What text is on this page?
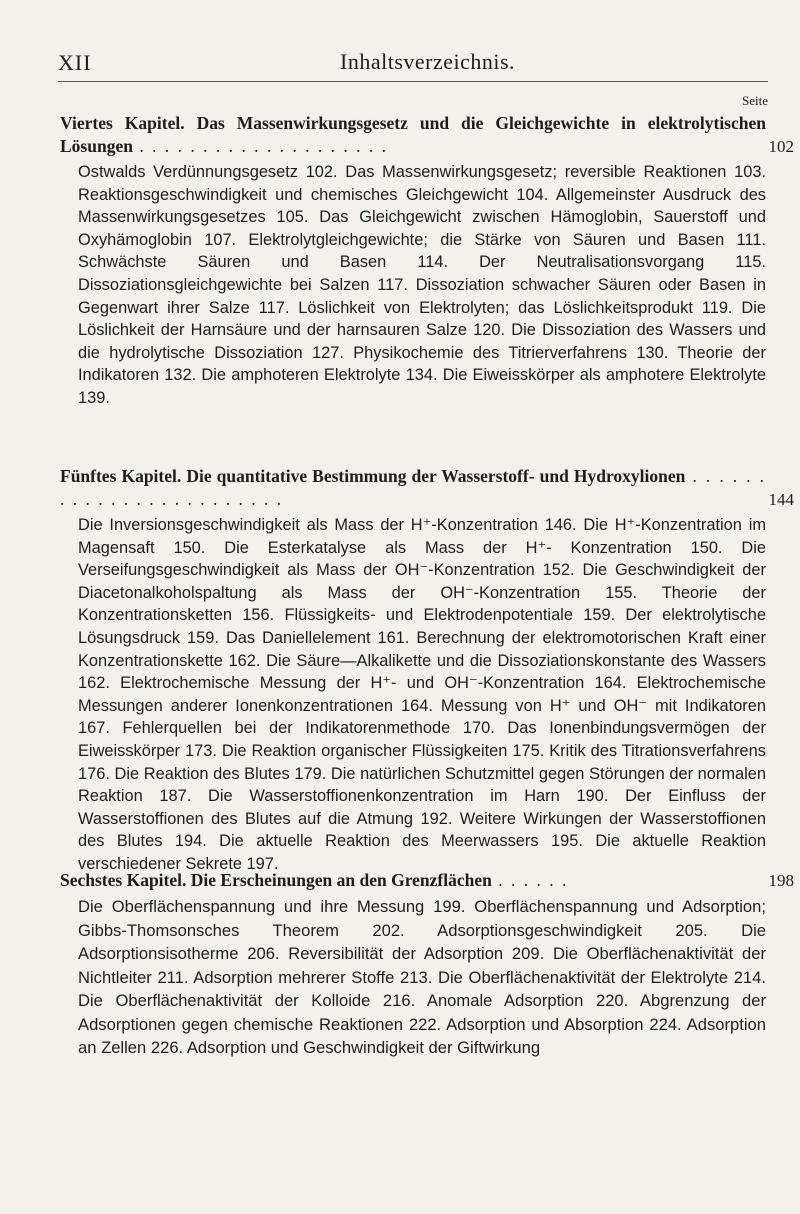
XII	Inhaltsverzeichnis.
Seite
Viertes Kapitel. Das Massenwirkungsgesetz und die Gleichgewichte in elektrolytischen Lösungen . . . . . . . . . . . . . . . . . . . .	102
Ostwalds Verdünnungsgesetz 102. Das Massenwirkungsgesetz; reversible Reaktionen 103. Reaktionsgeschwindigkeit und chemisches Gleichgewicht 104. Allgemeinster Ausdruck des Massenwirkungsgesetzes 105. Das Gleichgewicht zwischen Hämoglobin, Sauerstoff und Oxyhämoglobin 107. Elektrolytgleichgewichte; die Stärke von Säuren und Basen 111. Schwächste Säuren und Basen 114. Der Neutralisationsvorgang 115. Dissoziationsgleichgewichte bei Salzen 117. Dissoziation schwacher Säuren oder Basen in Gegenwart ihrer Salze 117. Löslichkeit von Elektrolyten; das Löslichkeitsprodukt 119. Die Löslichkeit der Harnsäure und der harnsauren Salze 120. Die Dissoziation des Wassers und die hydrolytische Dissoziation 127. Physikochemie des Titrierverfahrens 130. Theorie der Indikatoren 132. Die amphoteren Elektrolyte 134. Die Eiweisskörper als amphotere Elektrolyte 139.
Fünftes Kapitel. Die quantitative Bestimmung der Wasserstoff- und Hydroxylionen . . . . . . . . . . . . . . . . . . . . . . . .	144
Die Inversionsgeschwindigkeit als Mass der H⁺-Konzentration 146. Die H⁺-Konzentration im Magensaft 150. Die Esterkatalyse als Mass der H⁺- Konzentration 150. Die Verseifungsgeschwindigkeit als Mass der OH⁻-Konzentration 152. Die Geschwindigkeit der Diacetonalkoholspaltung als Mass der OH⁻-Konzentration 155. Theorie der Konzentrationsketten 156. Flüssigkeits- und Elektrodenpotentiale 159. Der elektrolytische Lösungsdruck 159. Das Daniellelement 161. Berechnung der elektromotorischen Kraft einer Konzentrationskette 162. Die Säure—Alkalikette und die Dissoziationskonstante des Wassers 162. Elektrochemische Messung der H⁺- und OH⁻-Konzentration 164. Elektrochemische Messungen anderer Ionenkonzentrationen 164. Messung von H⁺ und OH⁻ mit Indikatoren 167. Fehlerquellen bei der Indikatorenmethode 170. Das Ionenbindungsvermögen der Eiweisskörper 173. Die Reaktion organischer Flüssigkeiten 175. Kritik des Titrationsverfahrens 176. Die Reaktion des Blutes 179. Die natürlichen Schutzmittel gegen Störungen der normalen Reaktion 187. Die Wasserstoffionenkonzentration im Harn 190. Der Einfluss der Wasserstoffionen des Blutes auf die Atmung 192. Weitere Wirkungen der Wasserstoffionen des Blutes 194. Die aktuelle Reaktion des Meerwassers 195. Die aktuelle Reaktion verschiedener Sekrete 197.
Sechstes Kapitel. Die Erscheinungen an den Grenzflächen . . . . . .	198
Die Oberflächenspannung und ihre Messung 199. Oberflächenspannung und Adsorption; Gibbs-Thomsonsches Theorem 202. Adsorptionsgeschwindigkeit 205. Die Adsorptionsisotherme 206. Reversibilität der Adsorption 209. Die Oberflächenaktivität der Nichtleiter 211. Adsorption mehrerer Stoffe 213. Die Oberflächenaktivität der Elektrolyte 214. Die Oberflächenaktivität der Kolloide 216. Anomale Adsorption 220. Abgrenzung der Adsorptionen gegen chemische Reaktionen 222. Adsorption und Absorption 224. Adsorption an Zellen 226. Adsorption und Geschwindigkeit der Giftwirkung
